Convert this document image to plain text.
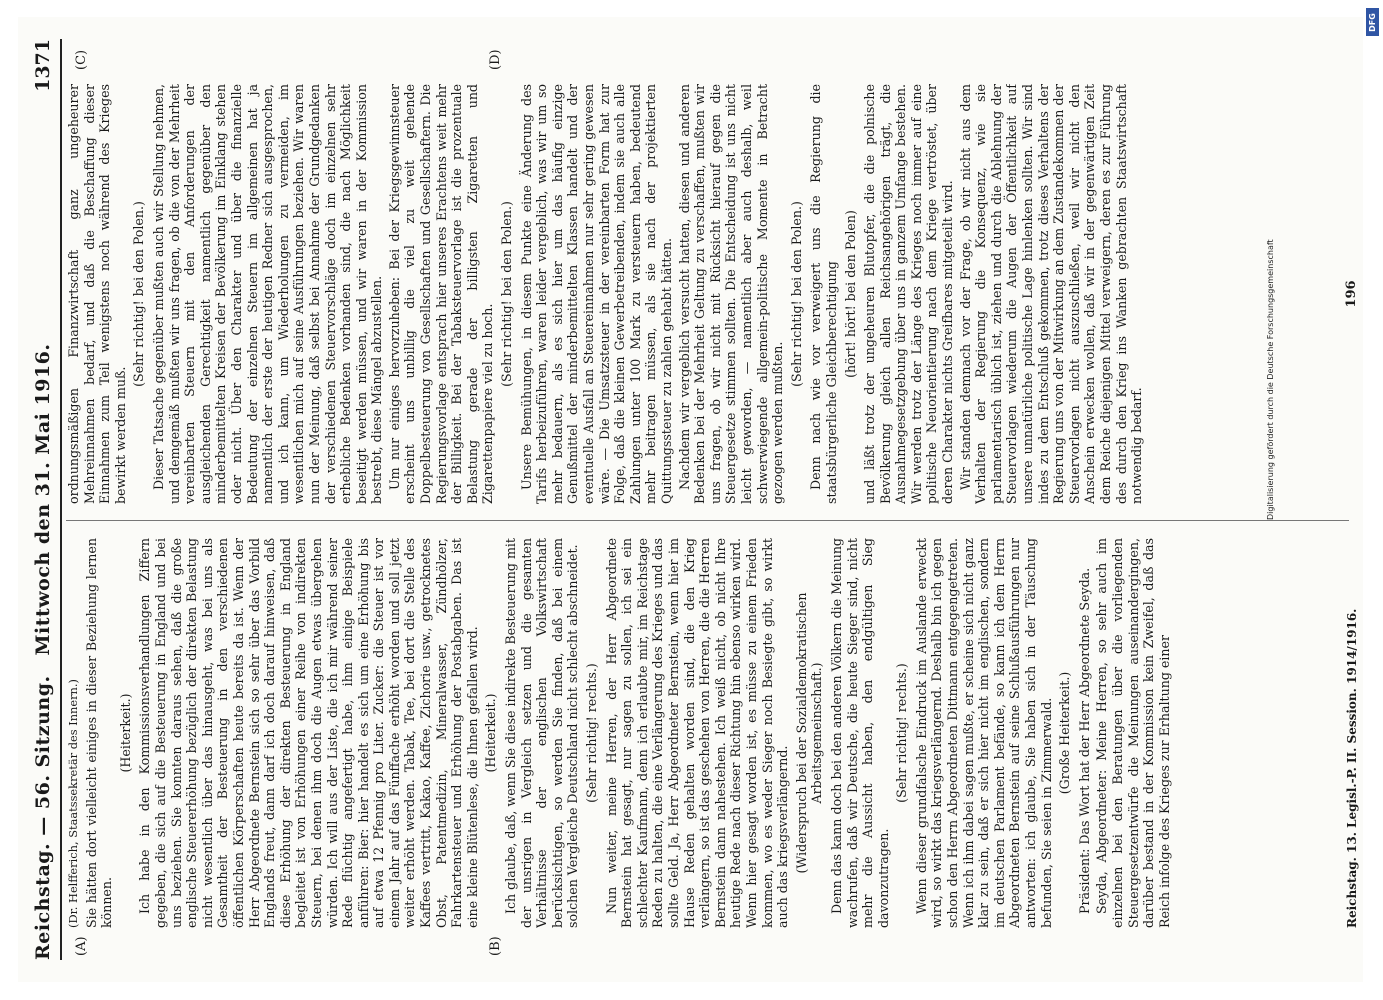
Reichstag. — 56. Sitzung.
Mittwoch den 31. Mai 1916.
1371
(A)	(B)
(C)	(D)

(Dr. Helfferich, Staatssekretär des Innern.) Sie hätten dort vielleicht einiges in dieser Beziehung lernen können.

(Heiterkeit.) Ich habe in den Kommissionsverhandlungen Ziffern gegeben, die sich auf die Besteuerung in England und bei uns beziehen. Sie konnten daraus sehen, daß die große englische Steuererhöhung bezüglich der direkten Belastung nicht wesentlich über das hinausgeht, was bei uns als Gesamtheit der Besteuerung in den verschiedenen öffentlichen Körperschaften heute bereits da ist. Wenn der Herr Abgeordnete Bernstein sich so sehr über das Vorbild Englands freut, dann darf ich doch darauf hinweisen, daß diese Erhöhung der direkten Besteuerung in England begleitet ist von Erhöhungen einer Reihe von indirekten Steuern, bei denen ihm doch die Augen etwas übergehen würden. Ich will aus der Liste, die ich mir während seiner Rede flüchtig angefertigt habe, ihm einige Beispiele anführen: Bier: hier handelt es sich um eine Erhöhung bis auf etwa 12 Pfennig pro Liter. Zucker: die Steuer ist vor einem Jahr auf das Fünffache erhöht worden und soll jetzt weiter erhöht werden. Tabak, Tee, bei dort die Stelle des Kaffees vertritt, Kakao, Kaffee, Zichorie usw., getrocknetes Obst, Patentmedizin, Mineralwasser, Zündhölzer, Fahrkartensteuer und Erhöhung der Postabgaben. Das ist eine kleine Blütenlese, die Ihnen gefallen wird. (Heiterkeit.) Ich glaube, daß, wenn Sie diese indirekte Besteuerung mit der unsrigen in Vergleich setzen und die gesamten Verhältnisse der englischen Volkswirtschaft berücksichtigen, so werden Sie finden, daß bei einem solchen Vergleiche Deutschland nicht schlecht abschneidet. (Sehr richtig! rechts.) Nun weiter, meine Herren, der Herr Abgeordnete Bernstein hat gesagt, nur sagen zu sollen, ich sei ein schlechter Kaufmann, denn ich erlaubte mir, im Reichstage Reden zu halten, die eine Verlängerung des Krieges und das sollte Geld. Ja, Herr Abgeordneter Bernstein, wenn hier im Hause Reden gehalten worden sind, die den Krieg verlängern, so ist das geschehen von Herren, die die Herren Bernstein dann nahestehen. Ich weiß nicht, ob nicht Ihre heutige Rede nach dieser Richtung hin ebenso wirken wird. Wenn hier gesagt worden ist, es müsse zu einem Frieden kommen, wo es weder Sieger noch Besiegte gibt, so wirkt auch das kriegsverlängernd. (Widerspruch bei der Sozialdemokratischen Arbeitsgemeinschaft.) Denn das kann doch bei den anderen Völkern die Meinung wachrufen, daß wir Deutsche, die heute Sieger sind, nicht mehr die Aussicht haben, den endgültigen Sieg davonzutragen.

(Sehr richtig! rechts.) Wenn dieser grundfalsche Eindruck im Auslande erweckt wird, so wirkt das kriegsverlängernd. Deshalb bin ich gegen schon den Herrn Abgeordneten Dittmann entgegengetreten. Wenn ich ihm dabei sagen mußte, er scheine sich nicht ganz klar zu sein, daß er sich hier nicht im englischen, sondern im deutschen Parlament befände, so kann ich dem Herrn Abgeordneten Bernstein auf seine Schlußausführungen nur antworten: ich glaube, Sie haben sich in der Täuschung befunden, Sie seien in Zimmerwald. (Große Heiterkeit.) Präsident: Das Wort hat der Herr Abgeordnete Seyda. Seyda, Abgeordneter: Meine Herren, so sehr auch im einzelnen bei den Beratungen über die vorliegenden Steuergesetzentwürfe die Meinungen auseinandergingen, darüber bestand in der Kommission kein Zweifel, daß das Reich infolge des Krieges zur Erhaltung einer

ordnungsmäßigen Finanzwirtschaft ganz ungeheurer Mehreinnahmen bedarf, und daß die Beschaffung dieser Einnahmen zum Teil wenigstens noch während des Krieges bewirkt werden muß.

(Sehr richtig! bei den Polen.) Dieser Tatsache gegenüber mußten auch wir Stellung nehmen, und demgemäß mußten wir uns fragen, ob die von der Mehrheit vereinbarten Steuern mit den Anforderungen der ausgleichenden Gerechtigkeit namentlich gegenüber den minderbemittelten Kreisen der Bevölkerung im Einklang stehen oder nicht. Über den Charakter und über die finanzielle Bedeutung der einzelnen Steuern im allgemeinen hat ja namentlich der erste der heutigen Redner sich ausgesprochen, und ich kann, um Wiederholungen zu vermeiden, im wesentlichen mich auf seine Ausführungen beziehen. Wir waren nun der Meinung, daß selbst bei Annahme der Grundgedanken der verschiedenen Steuervorschläge doch im einzelnen sehr erhebliche Bedenken vorhanden sind, die nach Möglichkeit beseitigt werden müssen, und wir waren in der Kommission bestrebt, diese Mängel abzustellen. Um nur einiges hervorzuheben: Bei der Kriegsgewinnsteuer erscheint uns unbillig die viel zu weit gehende Doppelbesteuerung von Gesellschaften und Gesellschaftern. Die Regierungsvorlage entsprach hier unseres Erachtens weit mehr der Billigkeit. Bei der Tabaksteuervorlage ist die prozentuale Belastung gerade der billigsten Zigaretten und Zigarettenpapiere viel zu hoch.

(Sehr richtig! bei den Polen.) Unsere Bemühungen, in diesem Punkte eine Änderung des Tarifs herbeizuführen, waren leider vergeblich, was wir um so mehr bedauern, als es sich hier um das häufig einzige Genußmittel der minderbemittelten Klassen handelt und der eventuelle Ausfall an Steuereinnahmen nur sehr gering gewesen wäre. — Die Umsatzsteuer in der vereinbarten Form hat zur Folge, daß die kleinen Gewerbetreibenden, indem sie auch alle Zahlungen unter 100 Mark zu versteuern haben, bedeutend mehr beitragen müssen, als sie nach der projektierten Quittungssteuer zu zahlen gehabt hätten. Nachdem wir vergeblich versucht hatten, diesen und anderen Bedenken bei der Mehrheit Geltung zu verschaffen, mußten wir uns fragen, ob wir nicht mit Rücksicht hierauf gegen die Steuergesetze stimmen sollten. Die Entscheidung ist uns nicht leicht geworden, — namentlich aber auch deshalb, weil schwerwiegende allgemein-politische Momente in Betracht gezogen werden mußten.

(Sehr richtig! bei den Polen.) Denn nach wie vor verweigert uns die Regierung die staatsbürgerliche Gleichberechtigung (hört! hört! bei den Polen) und läßt trotz der ungeheuren Blutopfer, die die polnische Bevölkerung gleich allen Reichsangehörigen trägt, die Ausnahmegesetzgebung über uns in ganzem Umfange bestehen. Wir werden trotz der Länge des Krieges noch immer auf eine politische Neuorientierung nach dem Kriege vertröstet, über deren Charakter nichts Greifbares mitgeteilt wird. Wir standen demnach vor der Frage, ob wir nicht aus dem Verhalten der Regierung die Konsequenz, wie sie parlamentarisch üblich ist, ziehen und durch die Ablehnung der Steuervorlagen wiederum die Augen der Öffentlichkeit auf unsere unnatürliche politische Lage hinlenken sollten. Wir sind indes zu dem Entschluß gekommen, trotz dieses Verhaltens der Regierung uns von der Mitwirkung an dem Zustandekommen der Steuervorlagen nicht auszuschließen, weil wir nicht den Anschein erwecken wollen, daß wir in der gegenwärtigen Zeit dem Reiche diejenigen Mittel verweigern, deren es zur Führung des durch den Krieg ins Wanken gebrachten Staatswirtschaft notwendig bedarf.

Reichstag. 13. Legisl.-P. II. Session. 1914/1916.
196
DFG
Digitalisierung gefördert durch die Deutsche Forschungsgemeinschaft
